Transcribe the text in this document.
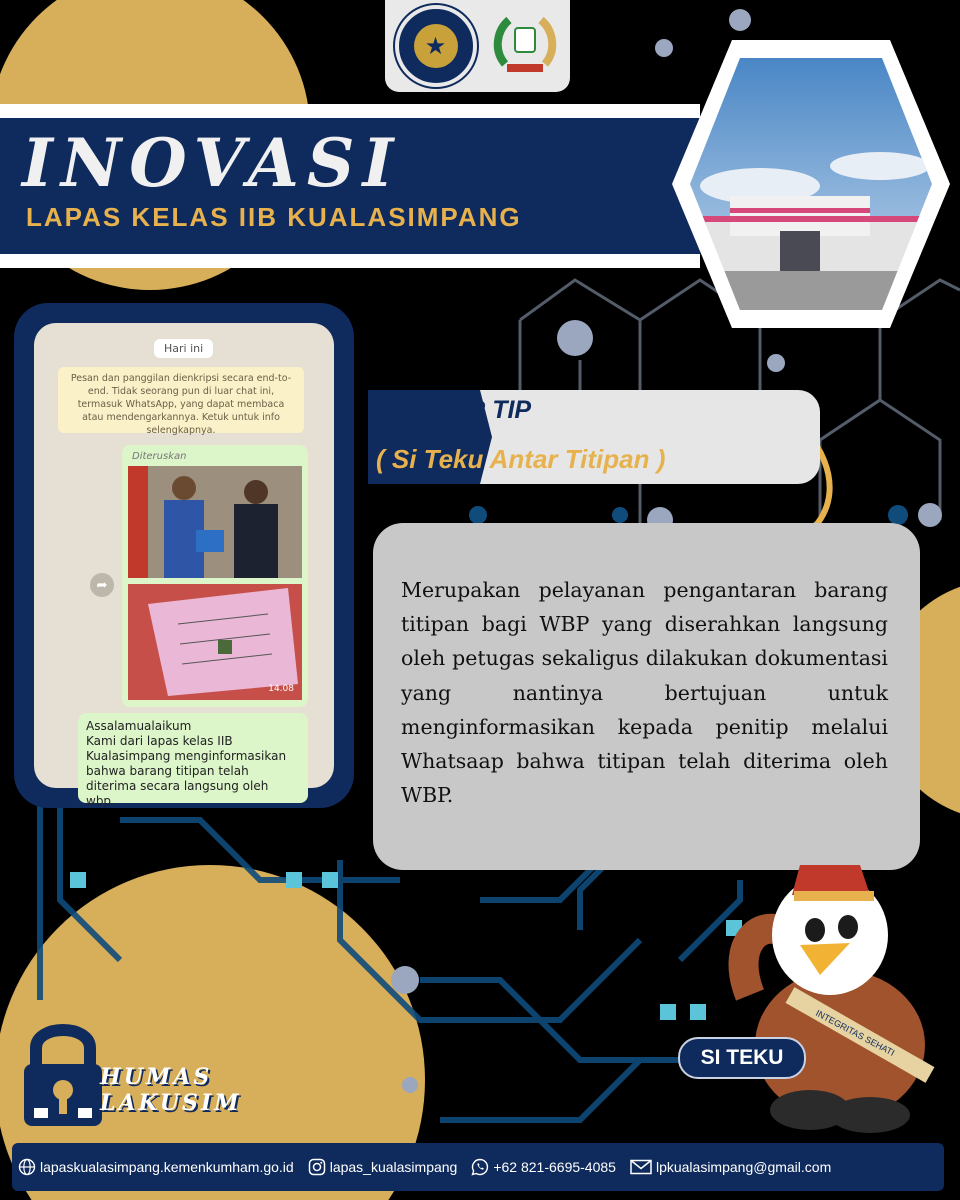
★
INOVASI
LAPAS KELAS IIB KUALASIMPANG
Hari ini
Pesan dan panggilan dienkripsi secara end-to-end. Tidak seorang pun di luar chat ini, termasuk WhatsApp, yang dapat membaca atau mendengarkannya. Ketuk untuk info selengkapnya.
➦
Diteruskan
14.08
Assalamualaikum
Kami dari lapas kelas IIB Kualasimpang menginformasikan bahwa barang titipan telah diterima secara langsung oleh wbp.
SIANTAR TIP
( Si Teku Antar Titipan )

Merupakan pelayanan pengantaran barang titipan bagi WBP yang diserahkan langsung oleh petugas sekaligus dilakukan dokumentasi yang nantinya bertujuan untuk menginformasikan kepada penitip melalui Whatsaap bahwa titipan telah diterima oleh WBP.

INTEGRITAS SEHATI
SI TEKU
HUMAS
LAKUSIM
lapaskualasimpang.kemenkumham.go.id	lapas_kualasimpang	+62 821-6695-4085	lpkualasimpang@gmail.com
